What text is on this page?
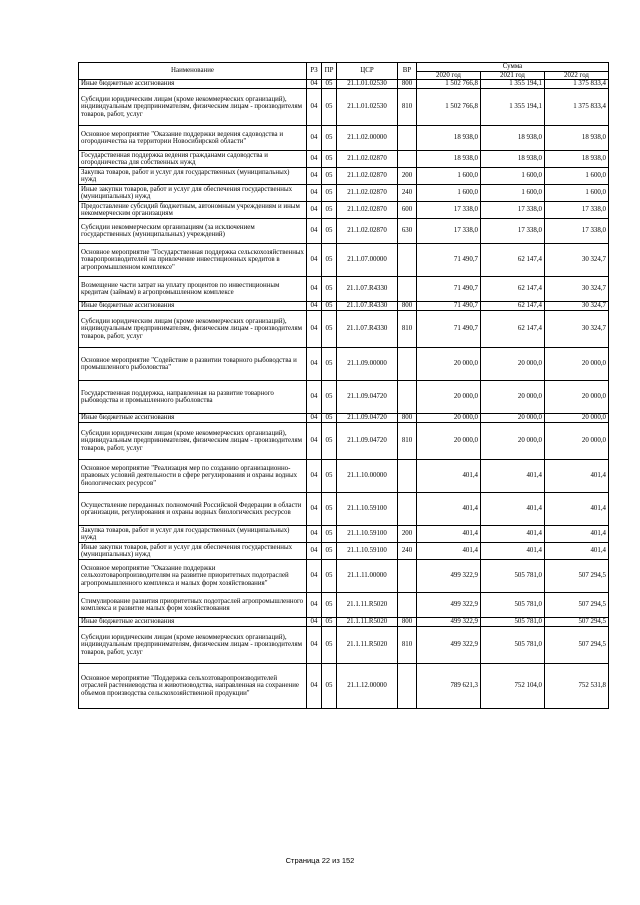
Наименование	РЗ	ПР	ЦСР	ВР	Сумма		
					2020 год	2021 год	2022 год
Иные бюджетные ассигнования	04	05	21.1.01.02530	800	1 502 766,8	1 355 194,1	1 375 833,4
Субсидии юридическим лицам (кроме некоммерческих организаций), индивидуальным предпринимателям, физическим лицам - производителям товаров, работ, услуг	04	05	21.1.01.02530	810	1 502 766,8	1 355 194,1	1 375 833,4
Основное мероприятие "Оказание поддержки ведения садоводства и огородничества на территории Новосибирской области"	04	05	21.1.02.00000		18 938,0	18 938,0	18 938,0
Государственная поддержка ведения гражданами садоводства и огородничества для собственных нужд	04	05	21.1.02.02870		18 938,0	18 938,0	18 938,0
Закупка товаров, работ и услуг для государственных (муниципальных) нужд	04	05	21.1.02.02870	200	1 600,0	1 600,0	1 600,0
Иные закупки товаров, работ и услуг для обеспечения государственных (муниципальных) нужд	04	05	21.1.02.02870	240	1 600,0	1 600,0	1 600,0
Предоставление субсидий бюджетным, автономным учреждениям и иным некоммерческим организациям	04	05	21.1.02.02870	600	17 338,0	17 338,0	17 338,0
Субсидии некоммерческим организациям (за исключением государственных (муниципальных) учреждений)	04	05	21.1.02.02870	630	17 338,0	17 338,0	17 338,0
Основное мероприятие "Государственная поддержка сельскохозяйственных товаропроизводителей на привлечение инвестиционных кредитов в агропромышленном комплексе"	04	05	21.1.07.00000		71 490,7	62 147,4	30 324,7
Возмещение части затрат на уплату процентов по инвестиционным кредитам (займам) в агропромышленном комплексе	04	05	21.1.07.R4330		71 490,7	62 147,4	30 324,7
Иные бюджетные ассигнования	04	05	21.1.07.R4330	800	71 490,7	62 147,4	30 324,7
Субсидии юридическим лицам (кроме некоммерческих организаций), индивидуальным предпринимателям, физическим лицам - производителям товаров, работ, услуг	04	05	21.1.07.R4330	810	71 490,7	62 147,4	30 324,7
Основное мероприятие "Содействие в развитии товарного рыбоводства и промышленного рыболовства"	04	05	21.1.09.00000		20 000,0	20 000,0	20 000,0
Государственная поддержка, направленная на развитие товарного рыбоводства и промышленного рыболовства	04	05	21.1.09.04720		20 000,0	20 000,0	20 000,0
Иные бюджетные ассигнования	04	05	21.1.09.04720	800	20 000,0	20 000,0	20 000,0
Субсидии юридическим лицам (кроме некоммерческих организаций), индивидуальным предпринимателям, физическим лицам - производителям товаров, работ, услуг	04	05	21.1.09.04720	810	20 000,0	20 000,0	20 000,0
Основное мероприятие "Реализация мер по созданию организационно-правовых условий деятельности в сфере регулирования и охраны водных биологических ресурсов"	04	05	21.1.10.00000		401,4	401,4	401,4
Осуществление переданных полномочий Российской Федерации в области организации, регулирования и охраны водных биологических ресурсов	04	05	21.1.10.59100		401,4	401,4	401,4
Закупка товаров, работ и услуг для государственных (муниципальных) нужд	04	05	21.1.10.59100	200	401,4	401,4	401,4
Иные закупки товаров, работ и услуг для обеспечения государственных (муниципальных) нужд	04	05	21.1.10.59100	240	401,4	401,4	401,4
Основное мероприятие "Оказание поддержки сельхозтоваропроизводителям на развитие приоритетных подотраслей агропромышленного комплекса и малых форм хозяйствования"	04	05	21.1.11.00000		499 322,9	505 781,0	507 294,5
Стимулирование развития приоритетных подотраслей агропромышленного комплекса и развитие малых форм хозяйствования	04	05	21.1.11.R5020		499 322,9	505 781,0	507 294,5
Иные бюджетные ассигнования	04	05	21.1.11.R5020	800	499 322,9	505 781,0	507 294,5
Субсидии юридическим лицам (кроме некоммерческих организаций), индивидуальным предпринимателям, физическим лицам - производителям товаров, работ, услуг	04	05	21.1.11.R5020	810	499 322,9	505 781,0	507 294,5
Основное мероприятие "Поддержка сельхозтоваропроизводителей отраслей растениеводства и животноводства, направленная на сохранение объемов производства сельскохозяйственной продукции"	04	05	21.1.12.00000		789 621,3	752 104,0	752 531,8
Страница 22 из 152
